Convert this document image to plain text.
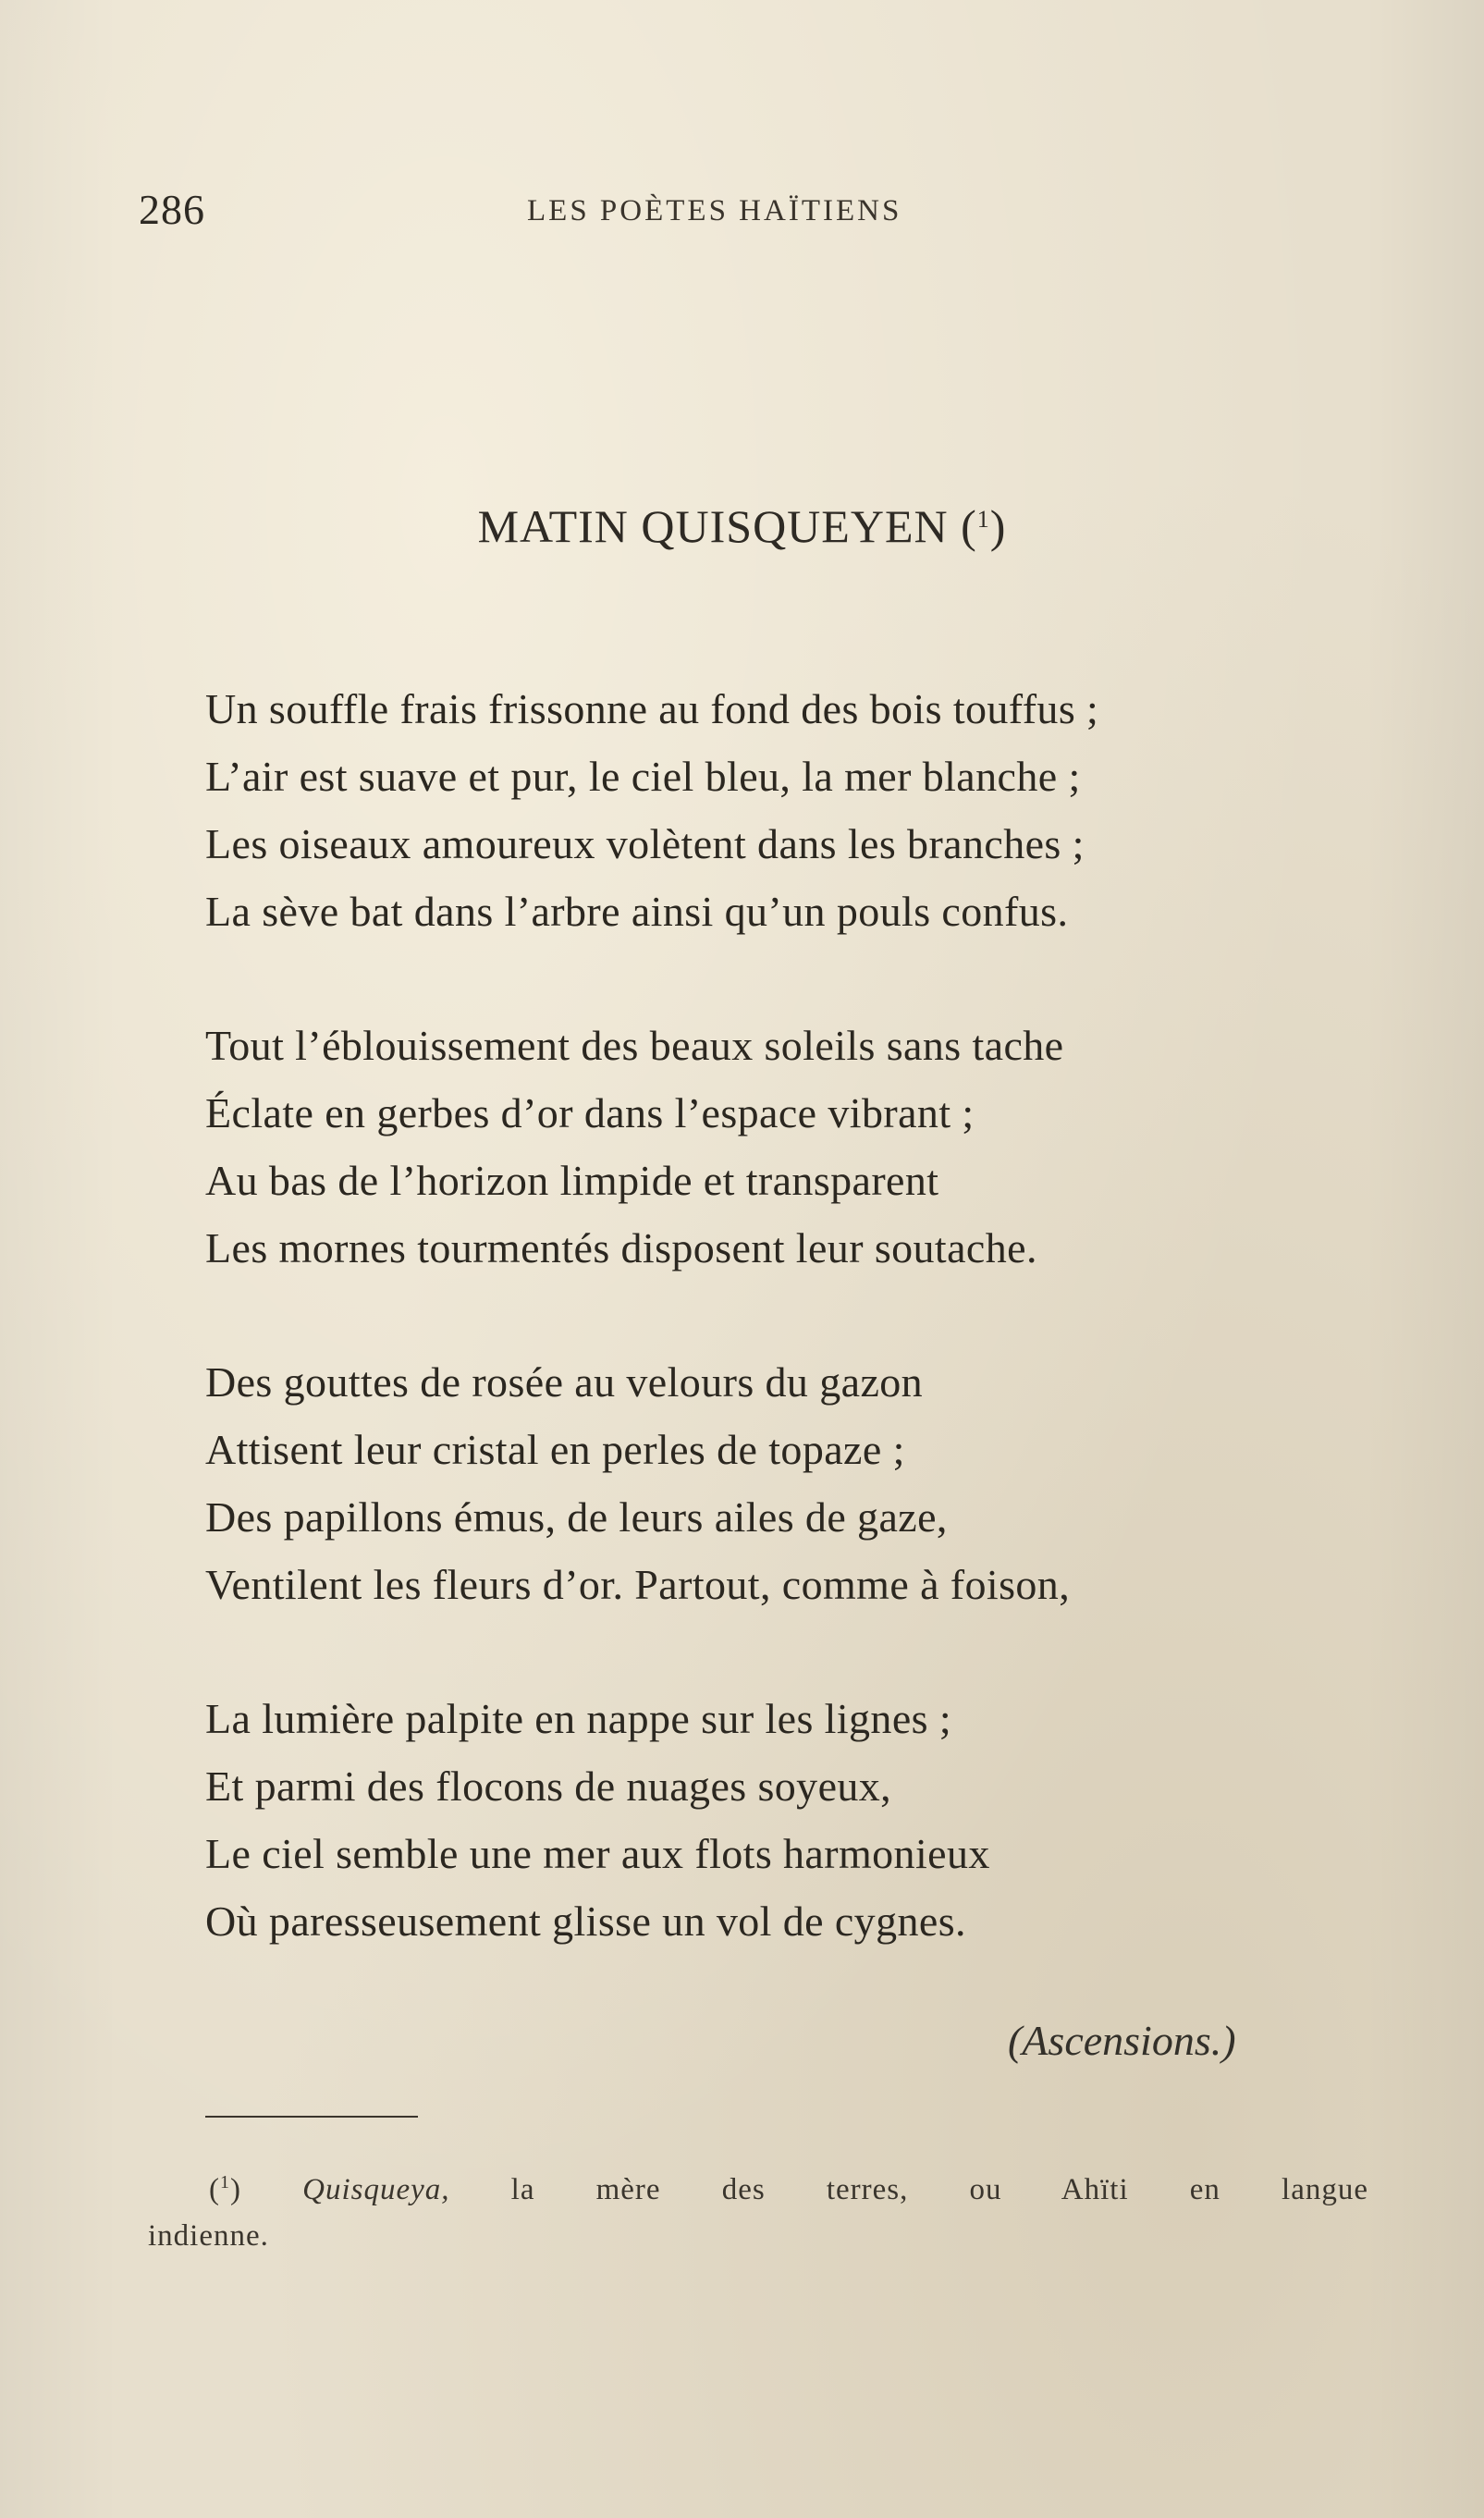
286	LES POÈTES HAÏTIENS
MATIN QUISQUEYEN ($^1$)
Un souffle frais frissonne au fond des bois touffus ;
L’air est suave et pur, le ciel bleu, la mer blanche ;
Les oiseaux amoureux volètent dans les branches ;
La sève bat dans l’arbre ainsi qu’un pouls confus.
Tout l’éblouissement des beaux soleils sans tache
Éclate en gerbes d’or dans l’espace vibrant ;
Au bas de l’horizon limpide et transparent
Les mornes tourmentés disposent leur soutache.
Des gouttes de rosée au velours du gazon
Attisent leur cristal en perles de topaze ;
Des papillons émus, de leurs ailes de gaze,
Ventilent les fleurs d’or. Partout, comme à foison,
La lumière palpite en nappe sur les lignes ;
Et parmi des flocons de nuages soyeux,
Le ciel semble une mer aux flots harmonieux
Où paresseusement glisse un vol de cygnes.
(Ascensions.)
($^1$) Quisqueya, la mère des terres, ou Ahïti en langue
indienne.
